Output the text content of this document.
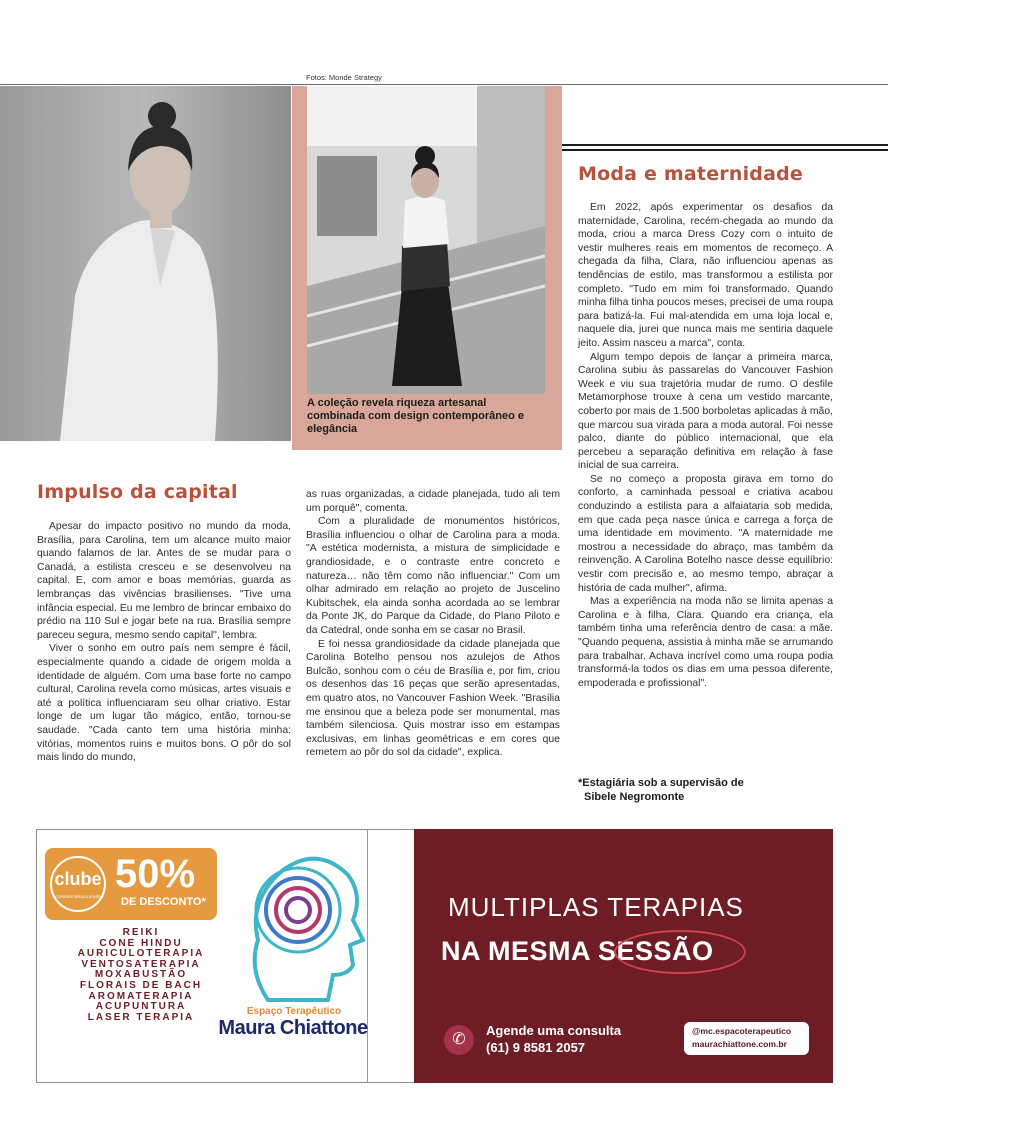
Fotos: Monde Strategy
A coleção revela riqueza artesanal combinada com design contemporâneo e elegância
Impulso da capital

Apesar do impacto positivo no mundo da moda, Brasília, para Carolina, tem um alcance muito maior quando falamos de lar. Antes de se mudar para o Canadá, a estilista cresceu e se desenvolveu na capital. E, com amor e boas memórias, guarda as lembranças das vivências brasilienses. "Tive uma infância especial. Eu me lembro de brincar embaixo do prédio na 110 Sul e jogar bete na rua. Brasília sempre pareceu segura, mesmo sendo capital", lembra.

Viver o sonho em outro país nem sempre é fácil, especialmente quando a cidade de origem molda a identidade de alguém. Com uma base forte no campo cultural, Carolina revela como músicas, artes visuais e até a política influenciaram seu olhar criativo. Estar longe de um lugar tão mágico, então, tornou-se saudade. "Cada canto tem uma história minha: vitórias, momentos ruins e muitos bons. O pôr do sol mais lindo do mundo,

as ruas organizadas, a cidade planejada, tudo ali tem um porquê", comenta.

Com a pluralidade de monumentos históricos, Brasília influenciou o olhar de Carolina para a moda. "A estética modernista, a mistura de simplicidade e grandiosidade, e o contraste entre concreto e natureza… não têm como não influenciar." Com um olhar admirado em relação ao projeto de Juscelino Kubitschek, ela ainda sonha acordada ao se lembrar da Ponte JK, do Parque da Cidade, do Plano Piloto e da Catedral, onde sonha em se casar no Brasil.

E foi nessa grandiosidade da cidade planejada que Carolina Botelho pensou nos azulejos de Athos Bulcão, sonhou com o céu de Brasília e, por fim, criou os desenhos das 16 peças que serão apresentadas, em quatro atos, no Vancouver Fashion Week. "Brasília me ensinou que a beleza pode ser monumental, mas também silenciosa. Quis mostrar isso em estampas exclusivas, em linhas geométricas e em cores que remetem ao pôr do sol da cidade", explica.

Moda e maternidade

Em 2022, após experimentar os desafios da maternidade, Carolina, recém-chegada ao mundo da moda, criou a marca Dress Cozy com o intuito de vestir mulheres reais em momentos de recomeço. A chegada da filha, Clara, não influenciou apenas as tendências de estilo, mas transformou a estilista por completo. "Tudo em mim foi transformado. Quando minha filha tinha poucos meses, precisei de uma roupa para batizá-la. Fui mal-atendida em uma loja local e, naquele dia, jurei que nunca mais me sentiria daquele jeito. Assim nasceu a marca", conta.

Algum tempo depois de lançar a primeira marca, Carolina subiu às passarelas do Vancouver Fashion Week e viu sua trajetória mudar de rumo. O desfile Metamorphose trouxe à cena um vestido marcante, coberto por mais de 1.500 borboletas aplicadas à mão, que marcou sua virada para a moda autoral. Foi nesse palco, diante do público internacional, que ela percebeu a separação definitiva em relação à fase inicial de sua carreira.

Se no começo a proposta girava em torno do conforto, a caminhada pessoal e criativa acabou conduzindo a estilista para a alfaiataria sob medida, em que cada peça nasce única e carrega a força de uma identidade em movimento. "A maternidade me mostrou a necessidade do abraço, mas também da reinvenção. A Carolina Botelho nasce desse equilíbrio: vestir com precisão e, ao mesmo tempo, abraçar a história de cada mulher", afirma.

Mas a experiência na moda não se limita apenas a Carolina e à filha, Clara. Quando era criança, ela também tinha uma referência dentro de casa: a mãe. "Quando pequena, assistia à minha mãe se arrumando para trabalhar. Achava incrível como uma roupa podia transformá-la todos os dias em uma pessoa diferente, empoderada e profissional".

*Estagiária sob a supervisão de
Sibele Negromonte
50%
DE DESCONTO*
clube
CORREIO BRAZILIENSE
REIKI
CONE HINDU
AURICULOTERAPIA
VENTOSATERAPIA
MOXABUSTÃO
FLORAIS DE BACH
AROMATERAPIA
ACUPUNTURA
LASER TERAPIA
Espaço Terapêutico
Maura Chiattone
MULTIPLAS TERAPIAS
NA MESMA SESSÃO
✆
Agende uma consulta
(61) 9 8581 2057
@mc.espacoterapeutico
maurachiattone.com.br
